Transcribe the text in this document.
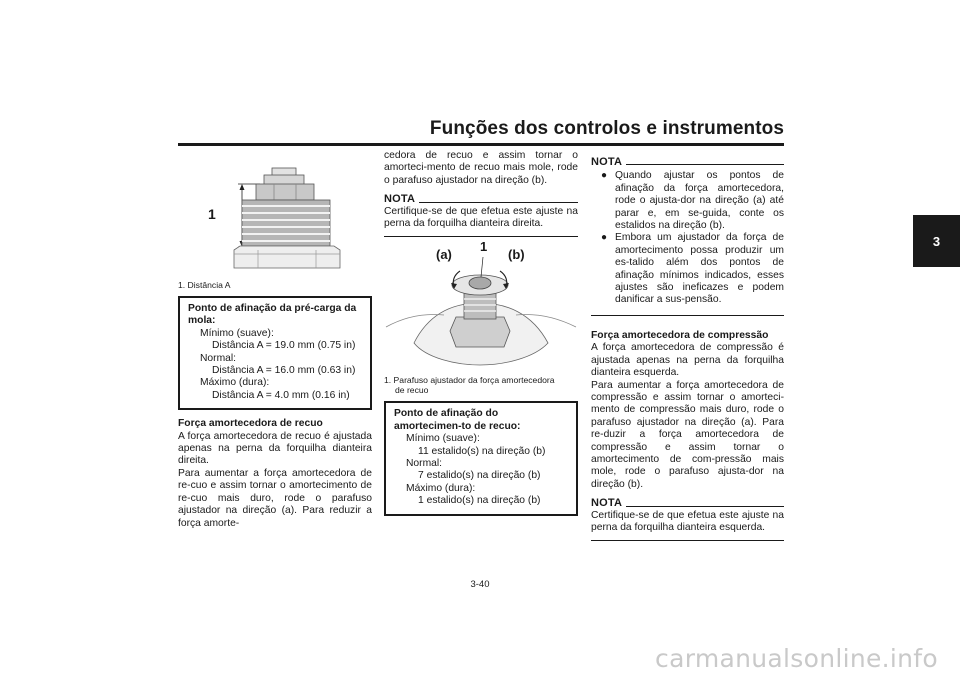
Funções dos controlos e instrumentos
3
1
1. Distância A
Ponto de afinação da pré-carga da mola:
Mínimo (suave):
Distância A = 19.0 mm (0.75 in)
Normal:
Distância A = 16.0 mm (0.63 in)
Máximo (dura):
Distância A = 4.0 mm (0.16 in)
Força amortecedora de recuo

A força amortecedora de recuo é ajustada apenas na perna da forquilha dianteira direita.

Para aumentar a força amortecedora de re-cuo e assim tornar o amortecimento de re-cuo mais duro, rode o parafuso ajustador na direção (a). Para reduzir a força amorte-

cedora de recuo e assim tornar o amorteci-mento de recuo mais mole, rode o parafuso ajustador na direção (b).

NOTA

Certifique-se de que efetua este ajuste na perna da forquilha dianteira direita.

(a)
1
(b)
1. Parafuso ajustador da força amortecedora
de recuo
Ponto de afinação do amortecimen-to de recuo:
Mínimo (suave):
11 estalido(s) na direção (b)
Normal:
7 estalido(s) na direção (b)
Máximo (dura):
1 estalido(s) na direção (b)
NOTA
● Quando ajustar os pontos de afinação da força amortecedora, rode o ajusta-dor na direção (a) até parar e, em se-guida, conte os estalidos na direção (b).
● Embora um ajustador da força de amortecimento possa produzir um es-talido além dos pontos de afinação mínimos indicados, esses ajustes são ineficazes e podem danificar a sus-pensão.
Força amortecedora de compressão

A força amortecedora de compressão é ajustada apenas na perna da forquilha dianteira esquerda.

Para aumentar a força amortecedora de compressão e assim tornar o amorteci-mento de compressão mais duro, rode o parafuso ajustador na direção (a). Para re-duzir a força amortecedora de compressão e assim tornar o amortecimento de com-pressão mais mole, rode o parafuso ajusta-dor na direção (b).

NOTA

Certifique-se de que efetua este ajuste na perna da forquilha dianteira esquerda.

3-40
carmanualsonline.info
